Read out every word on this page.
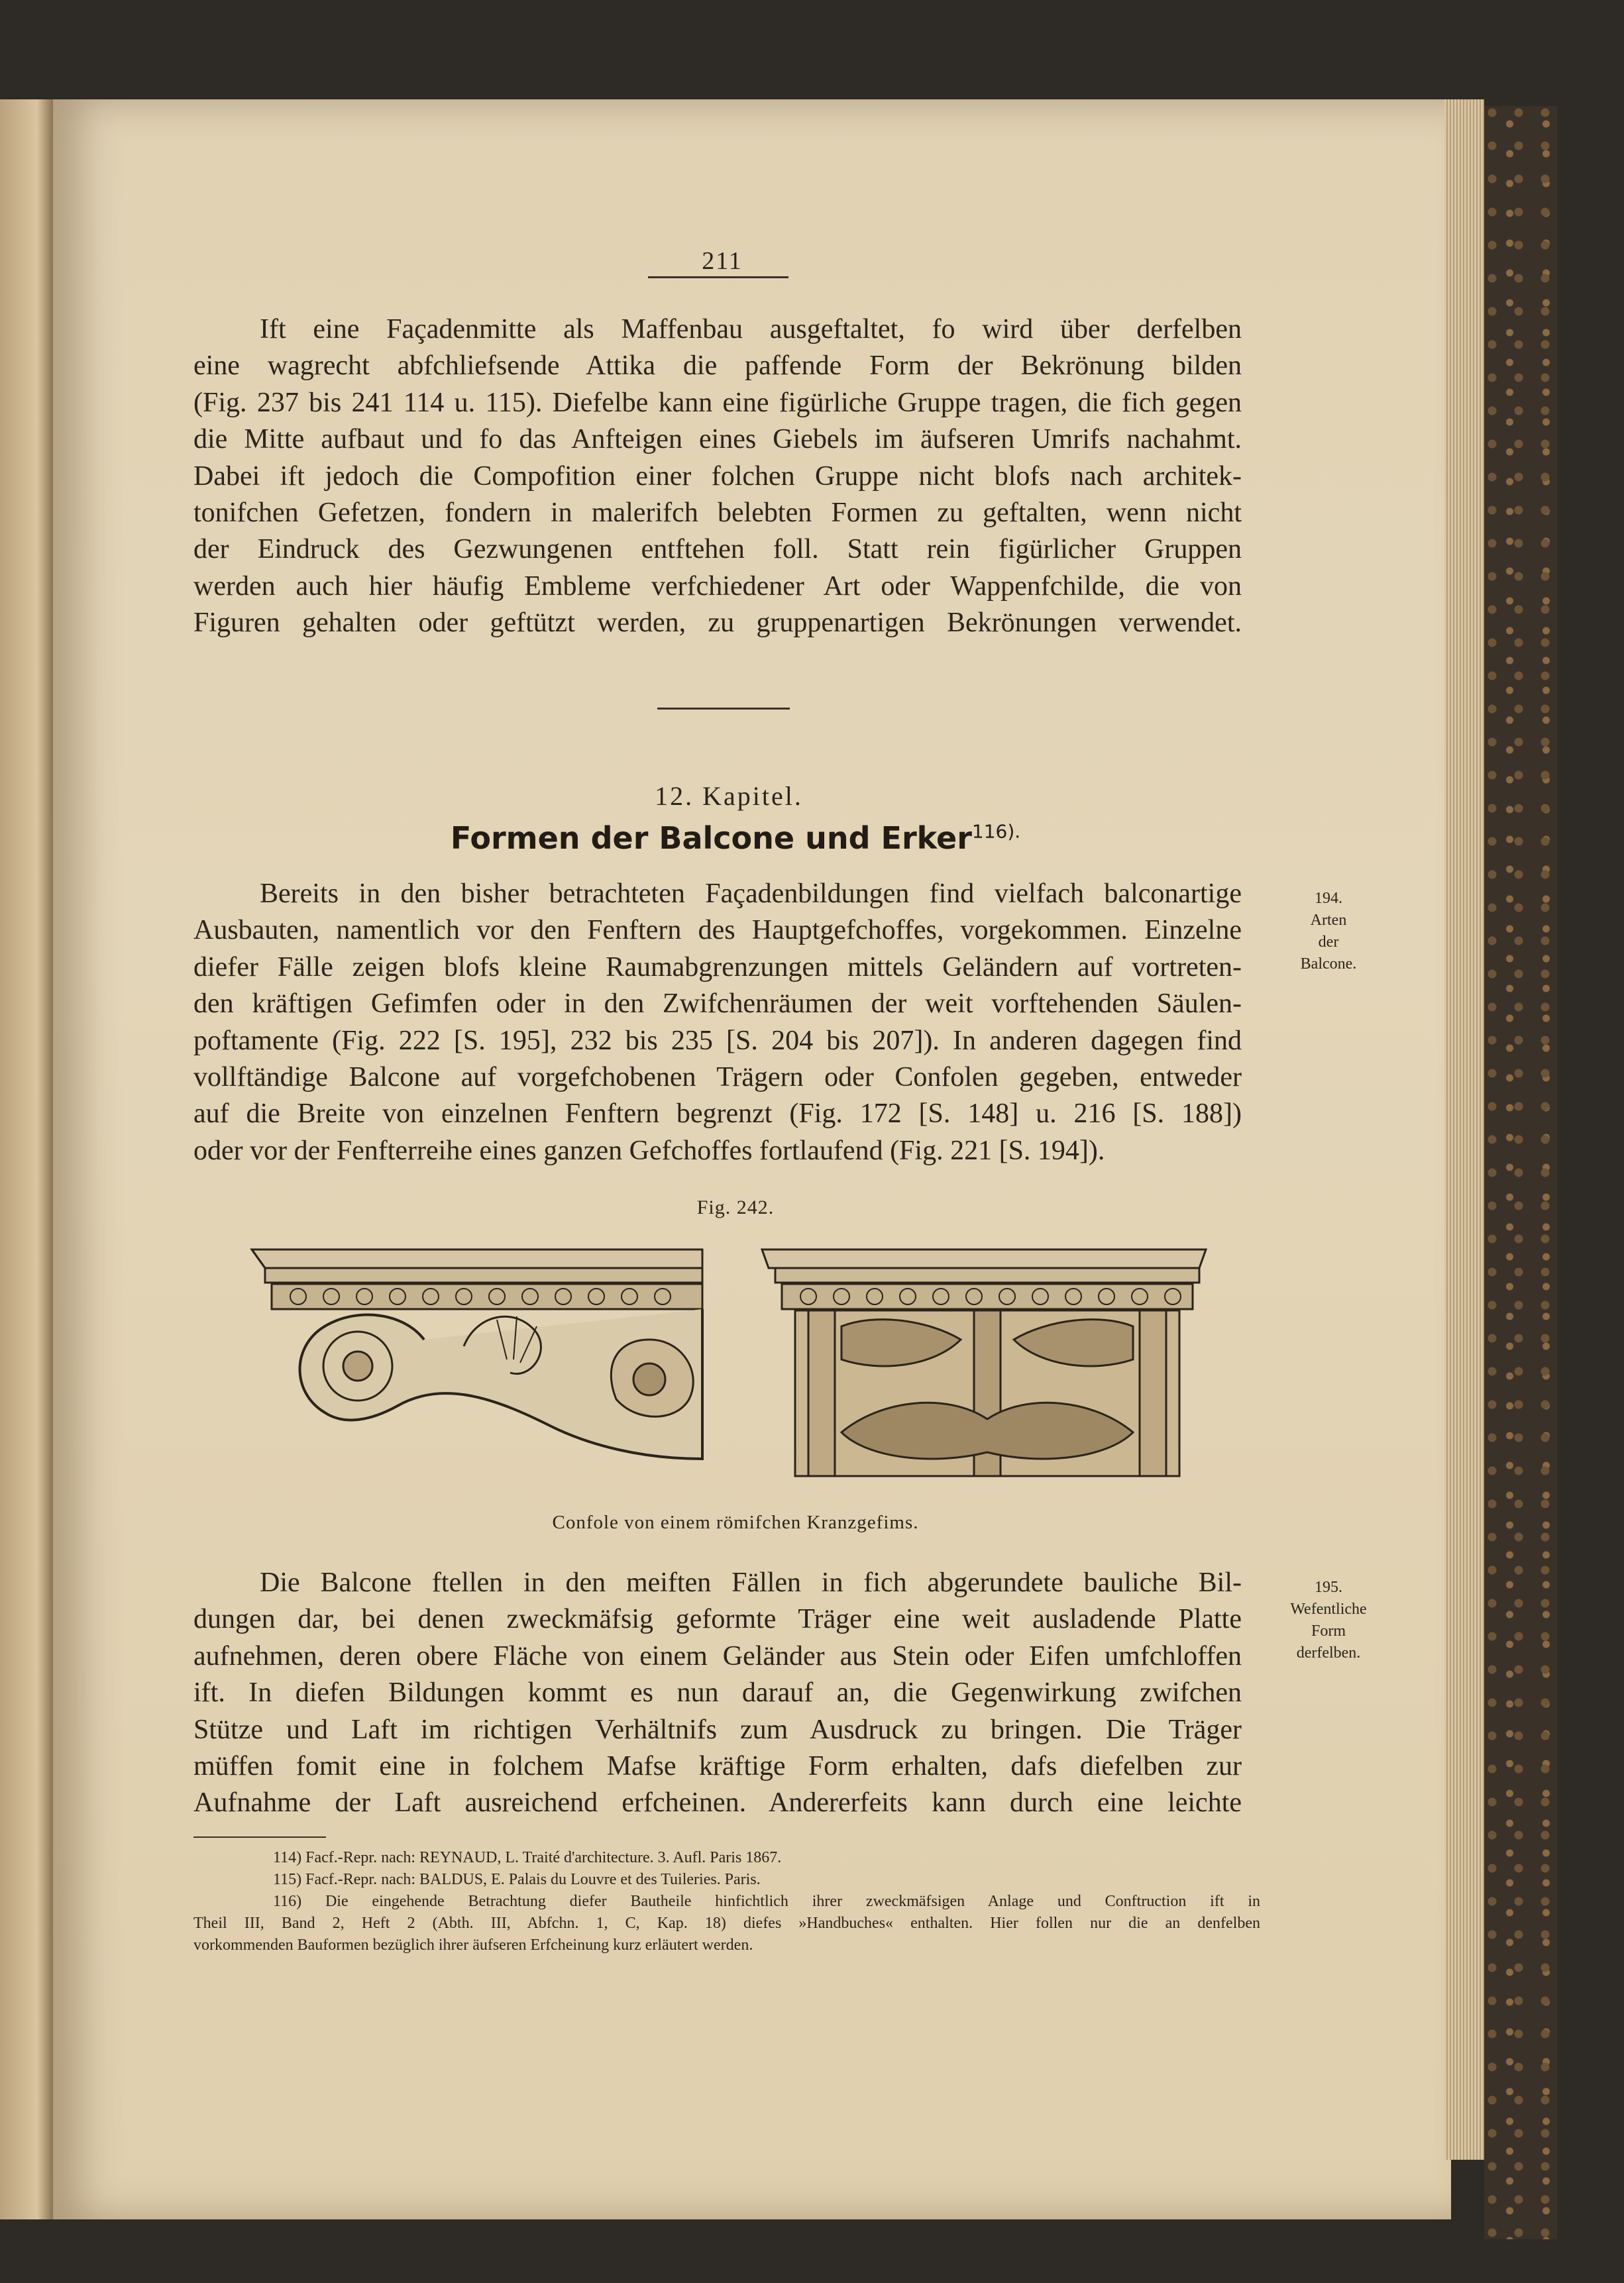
211
Ift eine Façadenmitte als Maffenbau ausgeftaltet, fo wird über derfelben
eine wagrecht abfchliefsende Attika die paffende Form der Bekrönung bilden
(Fig. 237 bis 241 114 u. 115). Diefelbe kann eine figürliche Gruppe tragen, die fich gegen
die Mitte aufbaut und fo das Anfteigen eines Giebels im äufseren Umrifs nachahmt.
Dabei ift jedoch die Compofition einer folchen Gruppe nicht blofs nach architek-
tonifchen Gefetzen, fondern in malerifch belebten Formen zu geftalten, wenn nicht
der Eindruck des Gezwungenen entftehen foll. Statt rein figürlicher Gruppen
werden auch hier häufig Embleme verfchiedener Art oder Wappenfchilde, die von
Figuren gehalten oder geftützt werden, zu gruppenartigen Bekrönungen verwendet.
12. Kapitel.
Formen der Balcone und Erker$^{116).}$
Bereits in den bisher betrachteten Façadenbildungen find vielfach balconartige
Ausbauten, namentlich vor den Fenftern des Hauptgefchoffes, vorgekommen. Einzelne
diefer Fälle zeigen blofs kleine Raumabgrenzungen mittels Geländern auf vortreten-
den kräftigen Gefimfen oder in den Zwifchenräumen der weit vorftehenden Säulen-
poftamente (Fig. 222 [S. 195], 232 bis 235 [S. 204 bis 207]). In anderen dagegen find
vollftändige Balcone auf vorgefchobenen Trägern oder Confolen gegeben, entweder
auf die Breite von einzelnen Fenftern begrenzt (Fig. 172 [S. 148] u. 216 [S. 188])
oder vor der Fenfterreihe eines ganzen Gefchoffes fortlaufend (Fig. 221 [S. 194]).
194.
Arten
der
Balcone.
Fig. 242.
Confole von einem römifchen Kranzgefims.
Die Balcone ftellen in den meiften Fällen in fich abgerundete bauliche Bil-
dungen dar, bei denen zweckmäfsig geformte Träger eine weit ausladende Platte
aufnehmen, deren obere Fläche von einem Geländer aus Stein oder Eifen umfchloffen
ift. In diefen Bildungen kommt es nun darauf an, die Gegenwirkung zwifchen
Stütze und Laft im richtigen Verhältnifs zum Ausdruck zu bringen. Die Träger
müffen fomit eine in folchem Mafse kräftige Form erhalten, dafs diefelben zur
Aufnahme der Laft ausreichend erfcheinen. Andererfeits kann durch eine leichte
195.
Wefentliche
Form
derfelben.
114) Facf.-Repr. nach: REYNAUD, L. Traité d'architecture. 3. Aufl. Paris 1867.
115) Facf.-Repr. nach: BALDUS, E. Palais du Louvre et des Tuileries. Paris.
116) Die eingehende Betrachtung diefer Bautheile hinfichtlich ihrer zweckmäfsigen Anlage und Conftruction ift in
Theil III, Band 2, Heft 2 (Abth. III, Abfchn. 1, C, Kap. 18) diefes »Handbuches« enthalten. Hier follen nur die an denfelben
vorkommenden Bauformen bezüglich ihrer äufseren Erfcheinung kurz erläutert werden.
